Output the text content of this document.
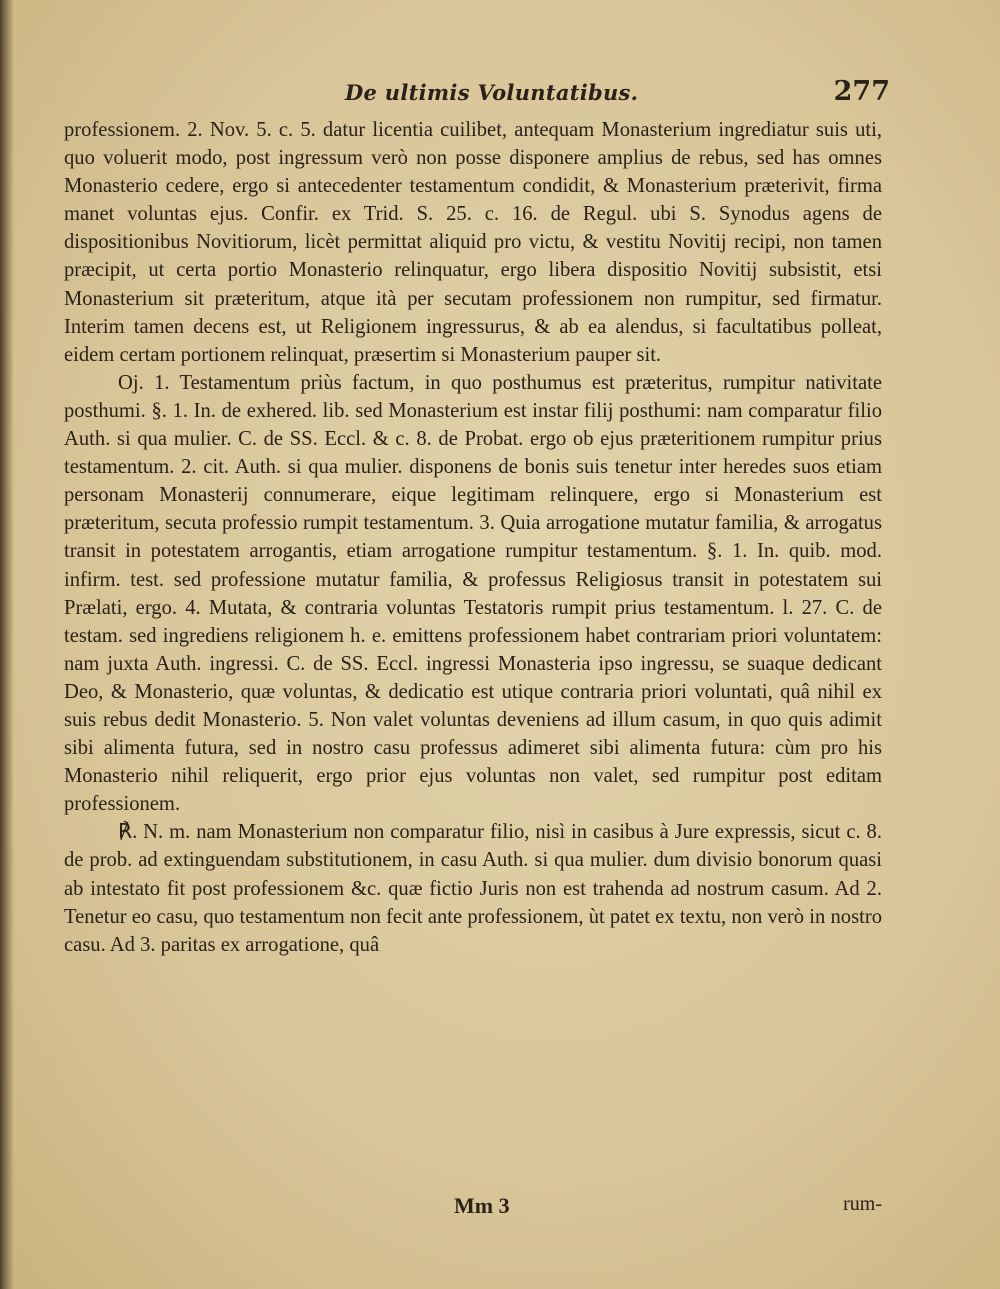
De ultimis Voluntatibus.	277

professionem. 2. Nov. 5. c. 5. datur licentia cuilibet, antequam Monasterium ingrediatur suis uti, quo voluerit modo, post ingressum verò non posse disponere amplius de rebus, sed has omnes Monasterio cedere, ergo si antecedenter testamentum condidit, & Monasterium præterivit, firma manet voluntas ejus. Confir. ex Trid. S. 25. c. 16. de Regul. ubi S. Synodus agens de dispositionibus Novitiorum, licèt permittat aliquid pro victu, & vestitu Novitij recipi, non tamen præcipit, ut certa portio Monasterio relinquatur, ergo libera dispositio Novitij subsistit, etsi Monasterium sit præteritum, atque ità per secutam professionem non rumpitur, sed firmatur. Interim tamen decens est, ut Religionem ingressurus, & ab ea alendus, si facultatibus polleat, eidem certam portionem relinquat, præsertim si Monasterium pauper sit.

Oj. 1. Testamentum priùs factum, in quo posthumus est præteritus, rumpitur nativitate posthumi. §. 1. In. de exhered. lib. sed Monasterium est instar filij posthumi: nam comparatur filio Auth. si qua mulier. C. de SS. Eccl. & c. 8. de Probat. ergo ob ejus præteritionem rumpitur prius testamentum. 2. cit. Auth. si qua mulier. disponens de bonis suis tenetur inter heredes suos etiam personam Monasterij connumerare, eique legitimam relinquere, ergo si Monasterium est præteritum, secuta professio rumpit testamentum. 3. Quia arrogatione mutatur familia, & arrogatus transit in potestatem arrogantis, etiam arrogatione rumpitur testamentum. §. 1. In. quib. mod. infirm. test. sed professione mutatur familia, & professus Religiosus transit in potestatem sui Prælati, ergo. 4. Mutata, & contraria voluntas Testatoris rumpit prius testamentum. l. 27. C. de testam. sed ingrediens religionem h. e. emittens professionem habet contrariam priori voluntatem: nam juxta Auth. ingressi. C. de SS. Eccl. ingressi Monasteria ipso ingressu, se suaque dedicant Deo, & Monasterio, quæ voluntas, & dedicatio est utique contraria priori voluntati, quâ nihil ex suis rebus dedit Monasterio. 5. Non valet voluntas deveniens ad illum casum, in quo quis adimit sibi alimenta futura, sed in nostro casu professus adimeret sibi alimenta futura: cùm pro his Monasterio nihil reliquerit, ergo prior ejus voluntas non valet, sed rumpitur post editam professionem.

℟. N. m. nam Monasterium non comparatur filio, nisì in casibus à Jure expressis, sicut c. 8. de prob. ad extinguendam substitutionem, in casu Auth. si qua mulier. dum divisio bonorum quasi ab intestato fit post professionem &c. quæ fictio Juris non est trahenda ad nostrum casum. Ad 2. Tenetur eo casu, quo testamentum non fecit ante professionem, ùt patet ex textu, non verò in nostro casu. Ad 3. paritas ex arrogatione, quâ

Mm 3	rum-
